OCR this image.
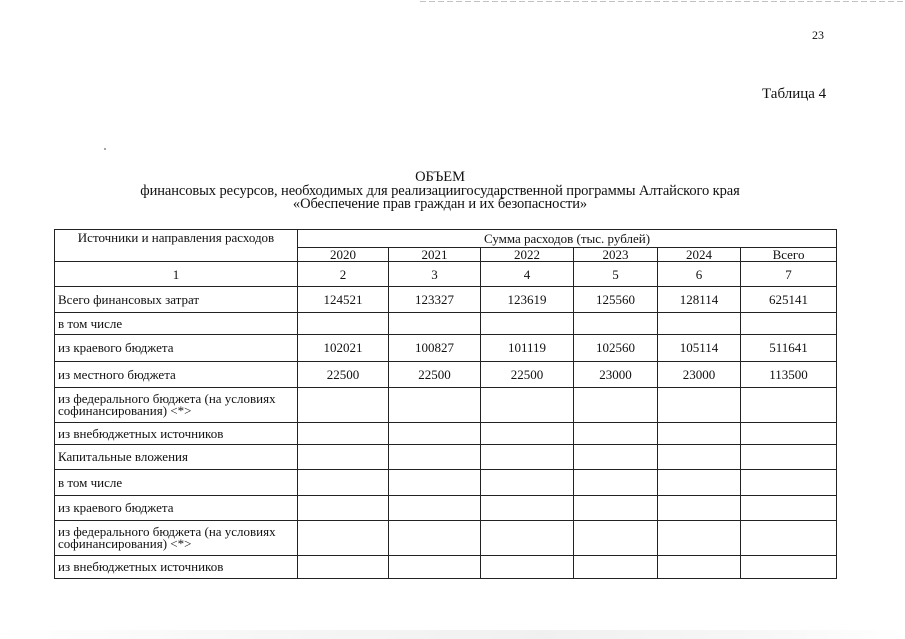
23
Таблица 4
ОБЪЕМ
финансовых ресурсов, необходимых для реализациигосударственной программы Алтайского края
«Обеспечение прав граждан и их безопасности»
Источники и направления расходов	Сумма расходов (тыс. рублей)					
	2020	2021	2022	2023	2024	Всего
1	2	3	4	5	6	7
Всего финансовых затрат	124521	123327	123619	125560	128114	625141
в том числе						
из краевого бюджета	102021	100827	101119	102560	105114	511641
из местного бюджета	22500	22500	22500	23000	23000	113500
из федерального бюджета (на условиях софинансирования) <*>						
из внебюджетных источников						
Капитальные вложения						
в том числе						
из краевого бюджета						
из федерального бюджета (на условиях софинансирования) <*>						
из внебюджетных источников						
